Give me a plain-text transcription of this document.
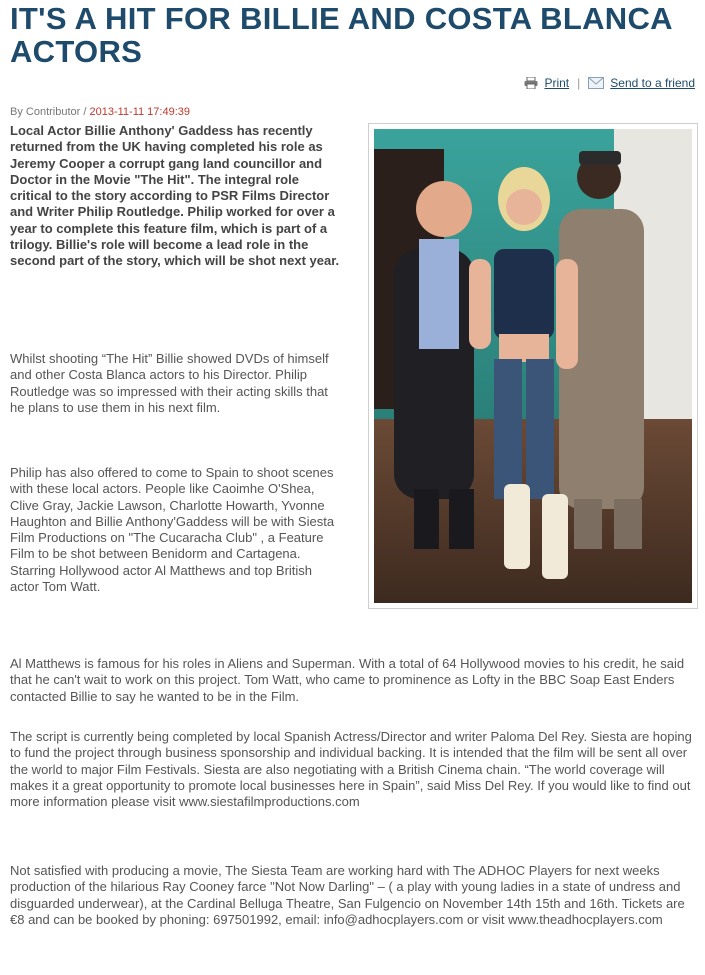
IT'S A HIT FOR BILLIE AND COSTA BLANCA ACTORS
Print |	Send to a friend
By Contributor / 2013-11-11 17:49:39

Local Actor Billie Anthony' Gaddess has recently returned from the UK having completed his role as Jeremy Cooper a corrupt gang land councillor and Doctor in the Movie "The Hit". The integral role critical to the story according to PSR Films Director and Writer Philip Routledge. Philip worked for over a year to complete this feature film, which is part of a trilogy. Billie's role will become a lead role in the second part of the story, which will be shot next year.

Whilst shooting “The Hit” Billie showed DVDs of himself and other Costa Blanca actors to his Director. Philip Routledge was so impressed with their acting skills that he plans to use them in his next film.

Philip has also offered to come to Spain to shoot scenes with these local actors. People like Caoimhe O'Shea, Clive Gray, Jackie Lawson, Charlotte Howarth, Yvonne Haughton and Billie Anthony'Gaddess will be with Siesta Film Productions on "The Cucaracha Club" , a Feature Film to be shot between Benidorm and Cartagena. Starring Hollywood actor Al Matthews and top British actor Tom Watt.

Al Matthews is famous for his roles in Aliens and Superman. With a total of 64 Hollywood movies to his credit, he said that he can't wait to work on this project. Tom Watt, who came to prominence as Lofty in the BBC Soap East Enders contacted Billie to say he wanted to be in the Film.

The script is currently being completed by local Spanish Actress/Director and writer Paloma Del Rey. Siesta are hoping to fund the project through business sponsorship and individual backing. It is intended that the film will be sent all over the world to major Film Festivals. Siesta are also negotiating with a British Cinema chain. “The world coverage will makes it a great opportunity to promote local businesses here in Spain”, said Miss Del Rey. If you would like to find out more information please visit www.siestafilmproductions.com

Not satisfied with producing a movie, The Siesta Team are working hard with The ADHOC Players for next weeks production of the hilarious Ray Cooney farce "Not Now Darling" – ( a play with young ladies in a state of undress and disguarded underwear), at the Cardinal Belluga Theatre, San Fulgencio on November 14th 15th and 16th. Tickets are €8 and can be booked by phoning: 697501992, email: info@adhocplayers.com or visit www.theadhocplayers.com
